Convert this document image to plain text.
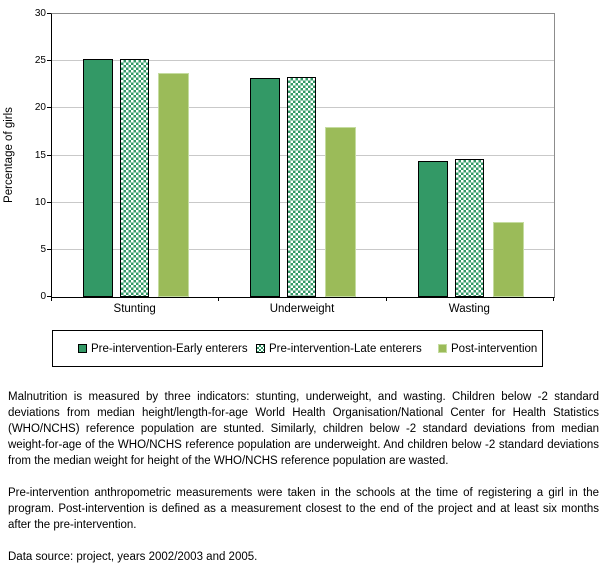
Percentage of girls
0
5
10
15
20
25
30
Stunting	Underweight	Wasting
Pre-intervention-Early enterers Pre-intervention-Late enterers	Post-intervention

Malnutrition is measured by three indicators: stunting, underweight, and wasting. Children below -2 standard deviations from median height/length-for-age World Health Organisation/National Center for Health Statistics (WHO/NCHS) reference population are stunted. Similarly, children below -2 standard deviations from median weight-for-age of the WHO/NCHS reference population are underweight. And children below -2 standard deviations from the median weight for height of the WHO/NCHS reference population are wasted.

Pre-intervention anthropometric measurements were taken in the schools at the time of registering a girl in the program. Post-intervention is defined as a measurement closest to the end of the project and at least six months after the pre-intervention.

Data source: project, years 2002/2003 and 2005.
